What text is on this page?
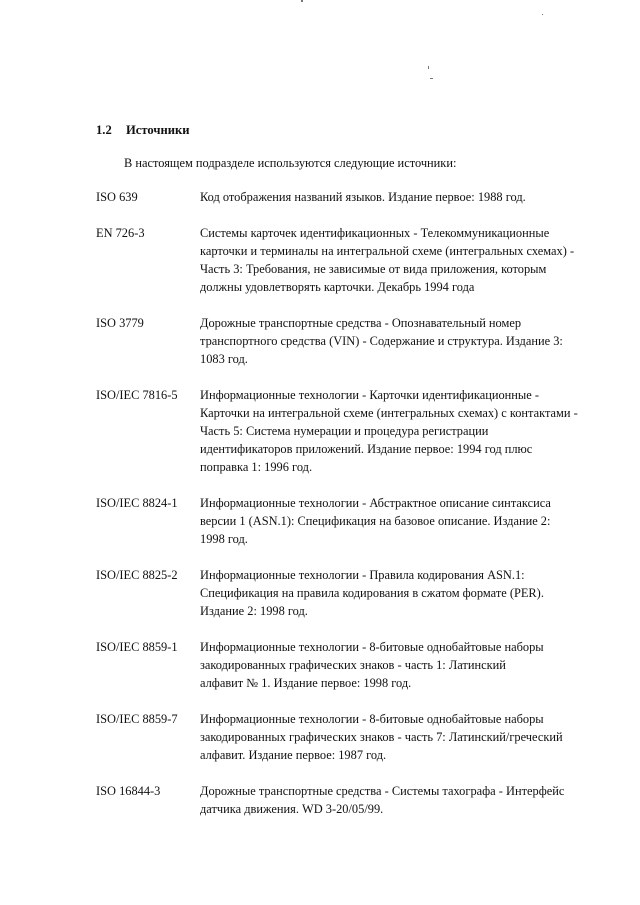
1.2 Источники
В настоящем подразделе используются следующие источники:
ISO 639	Код отображения названий языков. Издание первое: 1988 год.
EN 726-3	Системы карточек идентификационных - Телекоммуникационные
карточки и терминалы на интегральной схеме (интегральных схемах) -
Часть 3: Требования, не зависимые от вида приложения, которым
должны удовлетворять карточки. Декабрь 1994 года
ISO 3779	Дорожные транспортные средства - Опознавательный номер
транспортного средства (VIN) - Содержание и структура. Издание 3:
1083 год.
ISO/IEC 7816-5	Информационные технологии - Карточки идентификационные -
Карточки на интегральной схеме (интегральных схемах) с контактами -
Часть 5: Система нумерации и процедура регистрации
идентификаторов приложений. Издание первое: 1994 год плюс
поправка 1: 1996 год.
ISO/IEC 8824-1	Информационные технологии - Абстрактное описание синтаксиса
версии 1 (ASN.1): Спецификация на базовое описание. Издание 2:
1998 год.
ISO/IEC 8825-2	Информационные технологии - Правила кодирования ASN.1:
Спецификация на правила кодирования в сжатом формате (PER).
Издание 2: 1998 год.
ISO/IEC 8859-1	Информационные технологии - 8-битовые однобайтовые наборы
закодированных графических знаков - часть 1: Латинский
алфавит № 1. Издание первое: 1998 год.
ISO/IEC 8859-7	Информационные технологии - 8-битовые однобайтовые наборы
закодированных графических знаков - часть 7: Латинский/греческий
алфавит. Издание первое: 1987 год.
ISO 16844-3	Дорожные транспортные средства - Системы тахографа - Интерфейс
датчика движения. WD 3-20/05/99.
